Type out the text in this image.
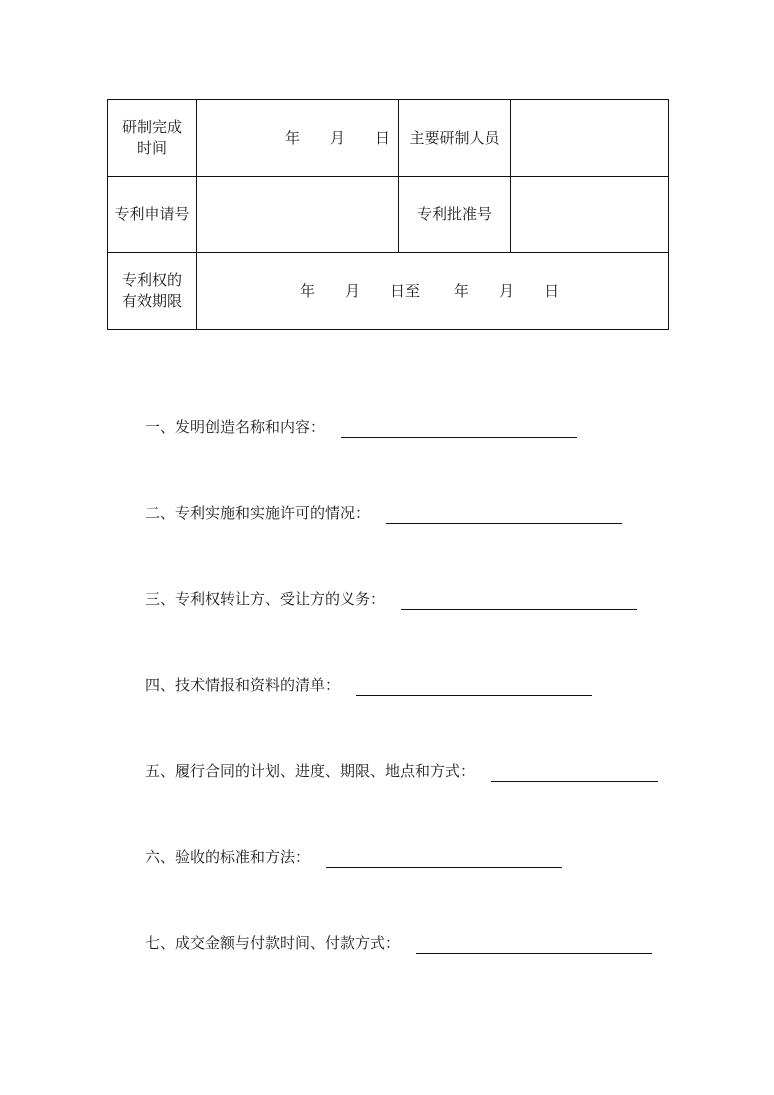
研制完成时间	年 月 日	主要研制人员	
专利申请号		专利批准号	
专利权的有效期限	年 月 日至 年 月 日		
一、发明创造名称和内容：
二、专利实施和实施许可的情况：
三、专利权转让方、受让方的义务：
四、技术情报和资料的清单：
五、履行合同的计划、进度、期限、地点和方式：
六、验收的标准和方法：
七、成交金额与付款时间、付款方式：
